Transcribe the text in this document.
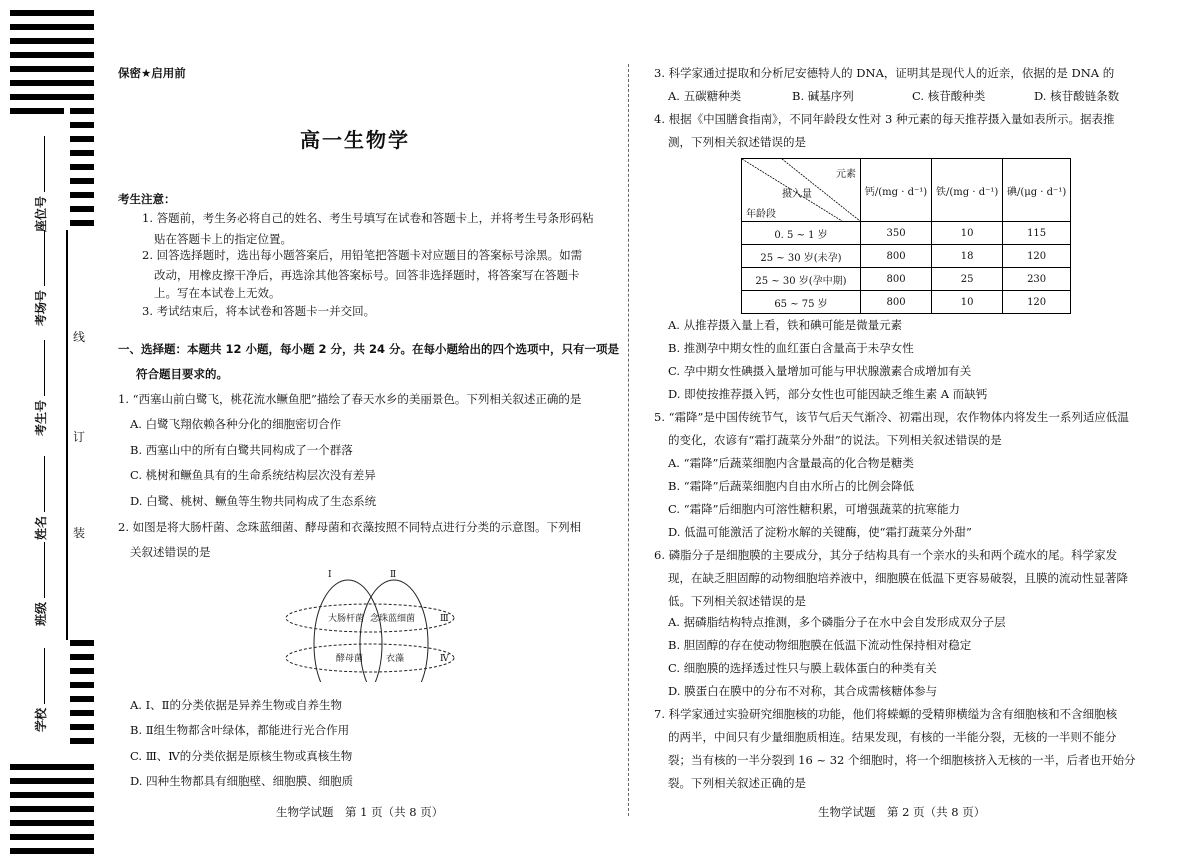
座位号
考场号
考生号
姓名
班级
学校
线
订
装
保密★启用前
高一生物学
考生注意：
1. 答题前，考生务必将自己的姓名、考生号填写在试卷和答题卡上，并将考生号条形码粘
贴在答题卡上的指定位置。
2. 回答选择题时，选出每小题答案后，用铅笔把答题卡对应题目的答案标号涂黑。如需
改动，用橡皮擦干净后，再选涂其他答案标号。回答非选择题时，将答案写在答题卡
上。写在本试卷上无效。
3. 考试结束后，将本试卷和答题卡一并交回。
一、选择题：本题共 12 小题，每小题 2 分，共 24 分。在每小题给出的四个选项中，只有一项是
符合题目要求的。
1. “西塞山前白鹭飞，桃花流水鳜鱼肥”描绘了春天水乡的美丽景色。下列相关叙述正确的是
A. 白鹭飞翔依赖各种分化的细胞密切合作
B. 西塞山中的所有白鹭共同构成了一个群落
C. 桃树和鳜鱼具有的生命系统结构层次没有差异
D. 白鹭、桃树、鳜鱼等生物共同构成了生态系统
2. 如图是将大肠杆菌、念珠蓝细菌、酵母菌和衣藻按照不同特点进行分类的示意图。下列相
关叙述错误的是
Ⅰ	Ⅱ
Ⅲ
Ⅳ
大肠杆菌 念珠蓝细菌
酵母菌	衣藻
A. Ⅰ、Ⅱ的分类依据是异养生物或自养生物
B. Ⅱ组生物都含叶绿体，都能进行光合作用
C. Ⅲ、Ⅳ的分类依据是原核生物或真核生物
D. 四种生物都具有细胞壁、细胞膜、细胞质
生物学试题　第 1 页（共 8 页）
3. 科学家通过提取和分析尼安德特人的 DNA，证明其是现代人的近亲，依据的是 DNA 的
A. 五碳糖种类	B. 碱基序列	C. 核苷酸种类	D. 核苷酸链条数
4. 根据《中国膳食指南》，不同年龄段女性对 3 种元素的每天推荐摄入量如表所示。据表推
测，下列相关叙述错误的是
元素
摄入量
年龄段	钙/(mg · d⁻¹)	铁/(mg · d⁻¹)	碘/(μg · d⁻¹)
0. 5 ~ 1 岁	350	10	115
25 ~ 30 岁(未孕)	800	18	120
25 ~ 30 岁(孕中期)	800	25	230
65 ~ 75 岁	800	10	120
A. 从推荐摄入量上看，铁和碘可能是微量元素
B. 推测孕中期女性的血红蛋白含量高于未孕女性
C. 孕中期女性碘摄入量增加可能与甲状腺激素合成增加有关
D. 即使按推荐摄入钙，部分女性也可能因缺乏维生素 A 而缺钙
5. “霜降”是中国传统节气，该节气后天气渐冷、初霜出现，农作物体内将发生一系列适应低温
的变化，农谚有“霜打蔬菜分外甜”的说法。下列相关叙述错误的是
A. “霜降”后蔬菜细胞内含量最高的化合物是糖类
B. “霜降”后蔬菜细胞内自由水所占的比例会降低
C. “霜降”后细胞内可溶性糖积累，可增强蔬菜的抗寒能力
D. 低温可能激活了淀粉水解的关键酶，使“霜打蔬菜分外甜”
6. 磷脂分子是细胞膜的主要成分，其分子结构具有一个亲水的头和两个疏水的尾。科学家发
现，在缺乏胆固醇的动物细胞培养液中，细胞膜在低温下更容易破裂，且膜的流动性显著降
低。下列相关叙述错误的是
A. 据磷脂结构特点推测，多个磷脂分子在水中会自发形成双分子层
B. 胆固醇的存在使动物细胞膜在低温下流动性保持相对稳定
C. 细胞膜的选择透过性只与膜上载体蛋白的种类有关
D. 膜蛋白在膜中的分布不对称，其合成需核糖体参与
7. 科学家通过实验研究细胞核的功能，他们将蝾螈的受精卵横缢为含有细胞核和不含细胞核
的两半，中间只有少量细胞质相连。结果发现，有核的一半能分裂，无核的一半则不能分
裂；当有核的一半分裂到 16 ~ 32 个细胞时，将一个细胞核挤入无核的一半，后者也开始分
裂。下列相关叙述正确的是
生物学试题　第 2 页（共 8 页）
